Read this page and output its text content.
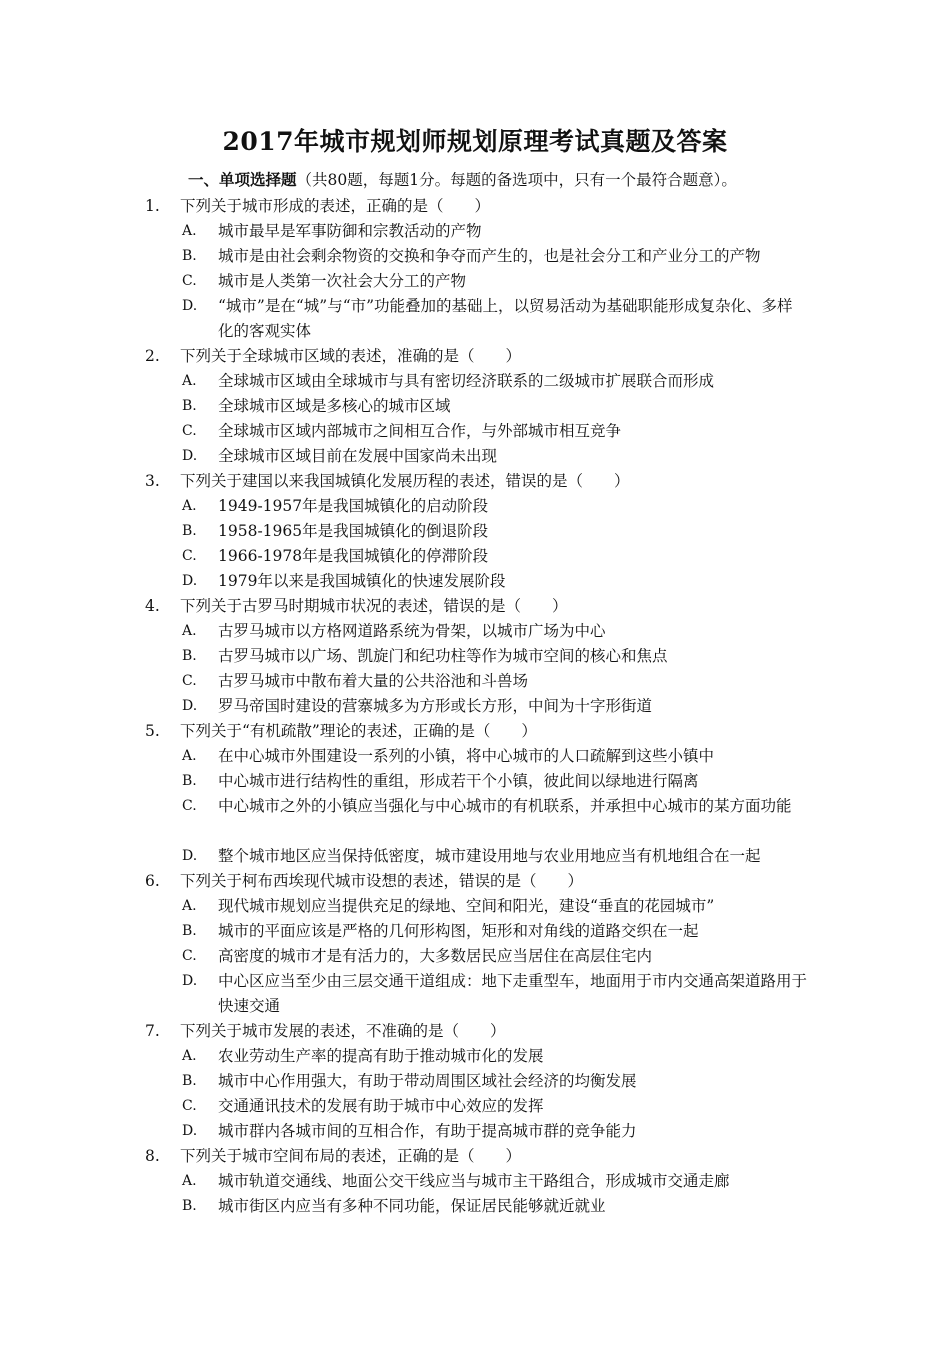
2017年城市规划师规划原理考试真题及答案
一、单项选择题（共80题，每题1分。每题的备选项中，只有一个最符合题意）。
1. 下列关于城市形成的表述，正确的是（　　）
A. 城市最早是军事防御和宗教活动的产物
B. 城市是由社会剩余物资的交换和争夺而产生的，也是社会分工和产业分工的产物
C. 城市是人类第一次社会大分工的产物
D. “城市”是在“城”与“市”功能叠加的基础上，以贸易活动为基础职能形成复杂化、多样化的客观实体
2. 下列关于全球城市区域的表述，准确的是（　　）
A. 全球城市区域由全球城市与具有密切经济联系的二级城市扩展联合而形成
B. 全球城市区域是多核心的城市区域
C. 全球城市区域内部城市之间相互合作，与外部城市相互竞争
D. 全球城市区域目前在发展中国家尚未出现
3. 下列关于建国以来我国城镇化发展历程的表述，错误的是（　　）
A. 1949-1957年是我国城镇化的启动阶段
B. 1958-1965年是我国城镇化的倒退阶段
C. 1966-1978年是我国城镇化的停滞阶段
D. 1979年以来是我国城镇化的快速发展阶段
4. 下列关于古罗马时期城市状况的表述，错误的是（　　）
A. 古罗马城市以方格网道路系统为骨架，以城市广场为中心
B. 古罗马城市以广场、凯旋门和纪功柱等作为城市空间的核心和焦点
C. 古罗马城市中散布着大量的公共浴池和斗兽场
D. 罗马帝国时建设的营寨城多为方形或长方形，中间为十字形街道
5. 下列关于“有机疏散”理论的表述，正确的是（　　）
A. 在中心城市外围建设一系列的小镇，将中心城市的人口疏解到这些小镇中
B. 中心城市进行结构性的重组，形成若干个小镇，彼此间以绿地进行隔离
C. 中心城市之外的小镇应当强化与中心城市的有机联系，并承担中心城市的某方面功能
D. 整个城市地区应当保持低密度，城市建设用地与农业用地应当有机地组合在一起
6. 下列关于柯布西埃现代城市设想的表述，错误的是（　　）
A. 现代城市规划应当提供充足的绿地、空间和阳光，建设“垂直的花园城市”
B. 城市的平面应该是严格的几何形构图，矩形和对角线的道路交织在一起
C. 高密度的城市才是有活力的，大多数居民应当居住在高层住宅内
D. 中心区应当至少由三层交通干道组成：地下走重型车，地面用于市内交通高架道路用于快速交通
7. 下列关于城市发展的表述，不准确的是（　　）
A. 农业劳动生产率的提高有助于推动城市化的发展
B. 城市中心作用强大，有助于带动周围区域社会经济的均衡发展
C. 交通通讯技术的发展有助于城市中心效应的发挥
D. 城市群内各城市间的互相合作，有助于提高城市群的竞争能力
8. 下列关于城市空间布局的表述，正确的是（　　）
A. 城市轨道交通线、地面公交干线应当与城市主干路组合，形成城市交通走廊
B. 城市街区内应当有多种不同功能，保证居民能够就近就业
